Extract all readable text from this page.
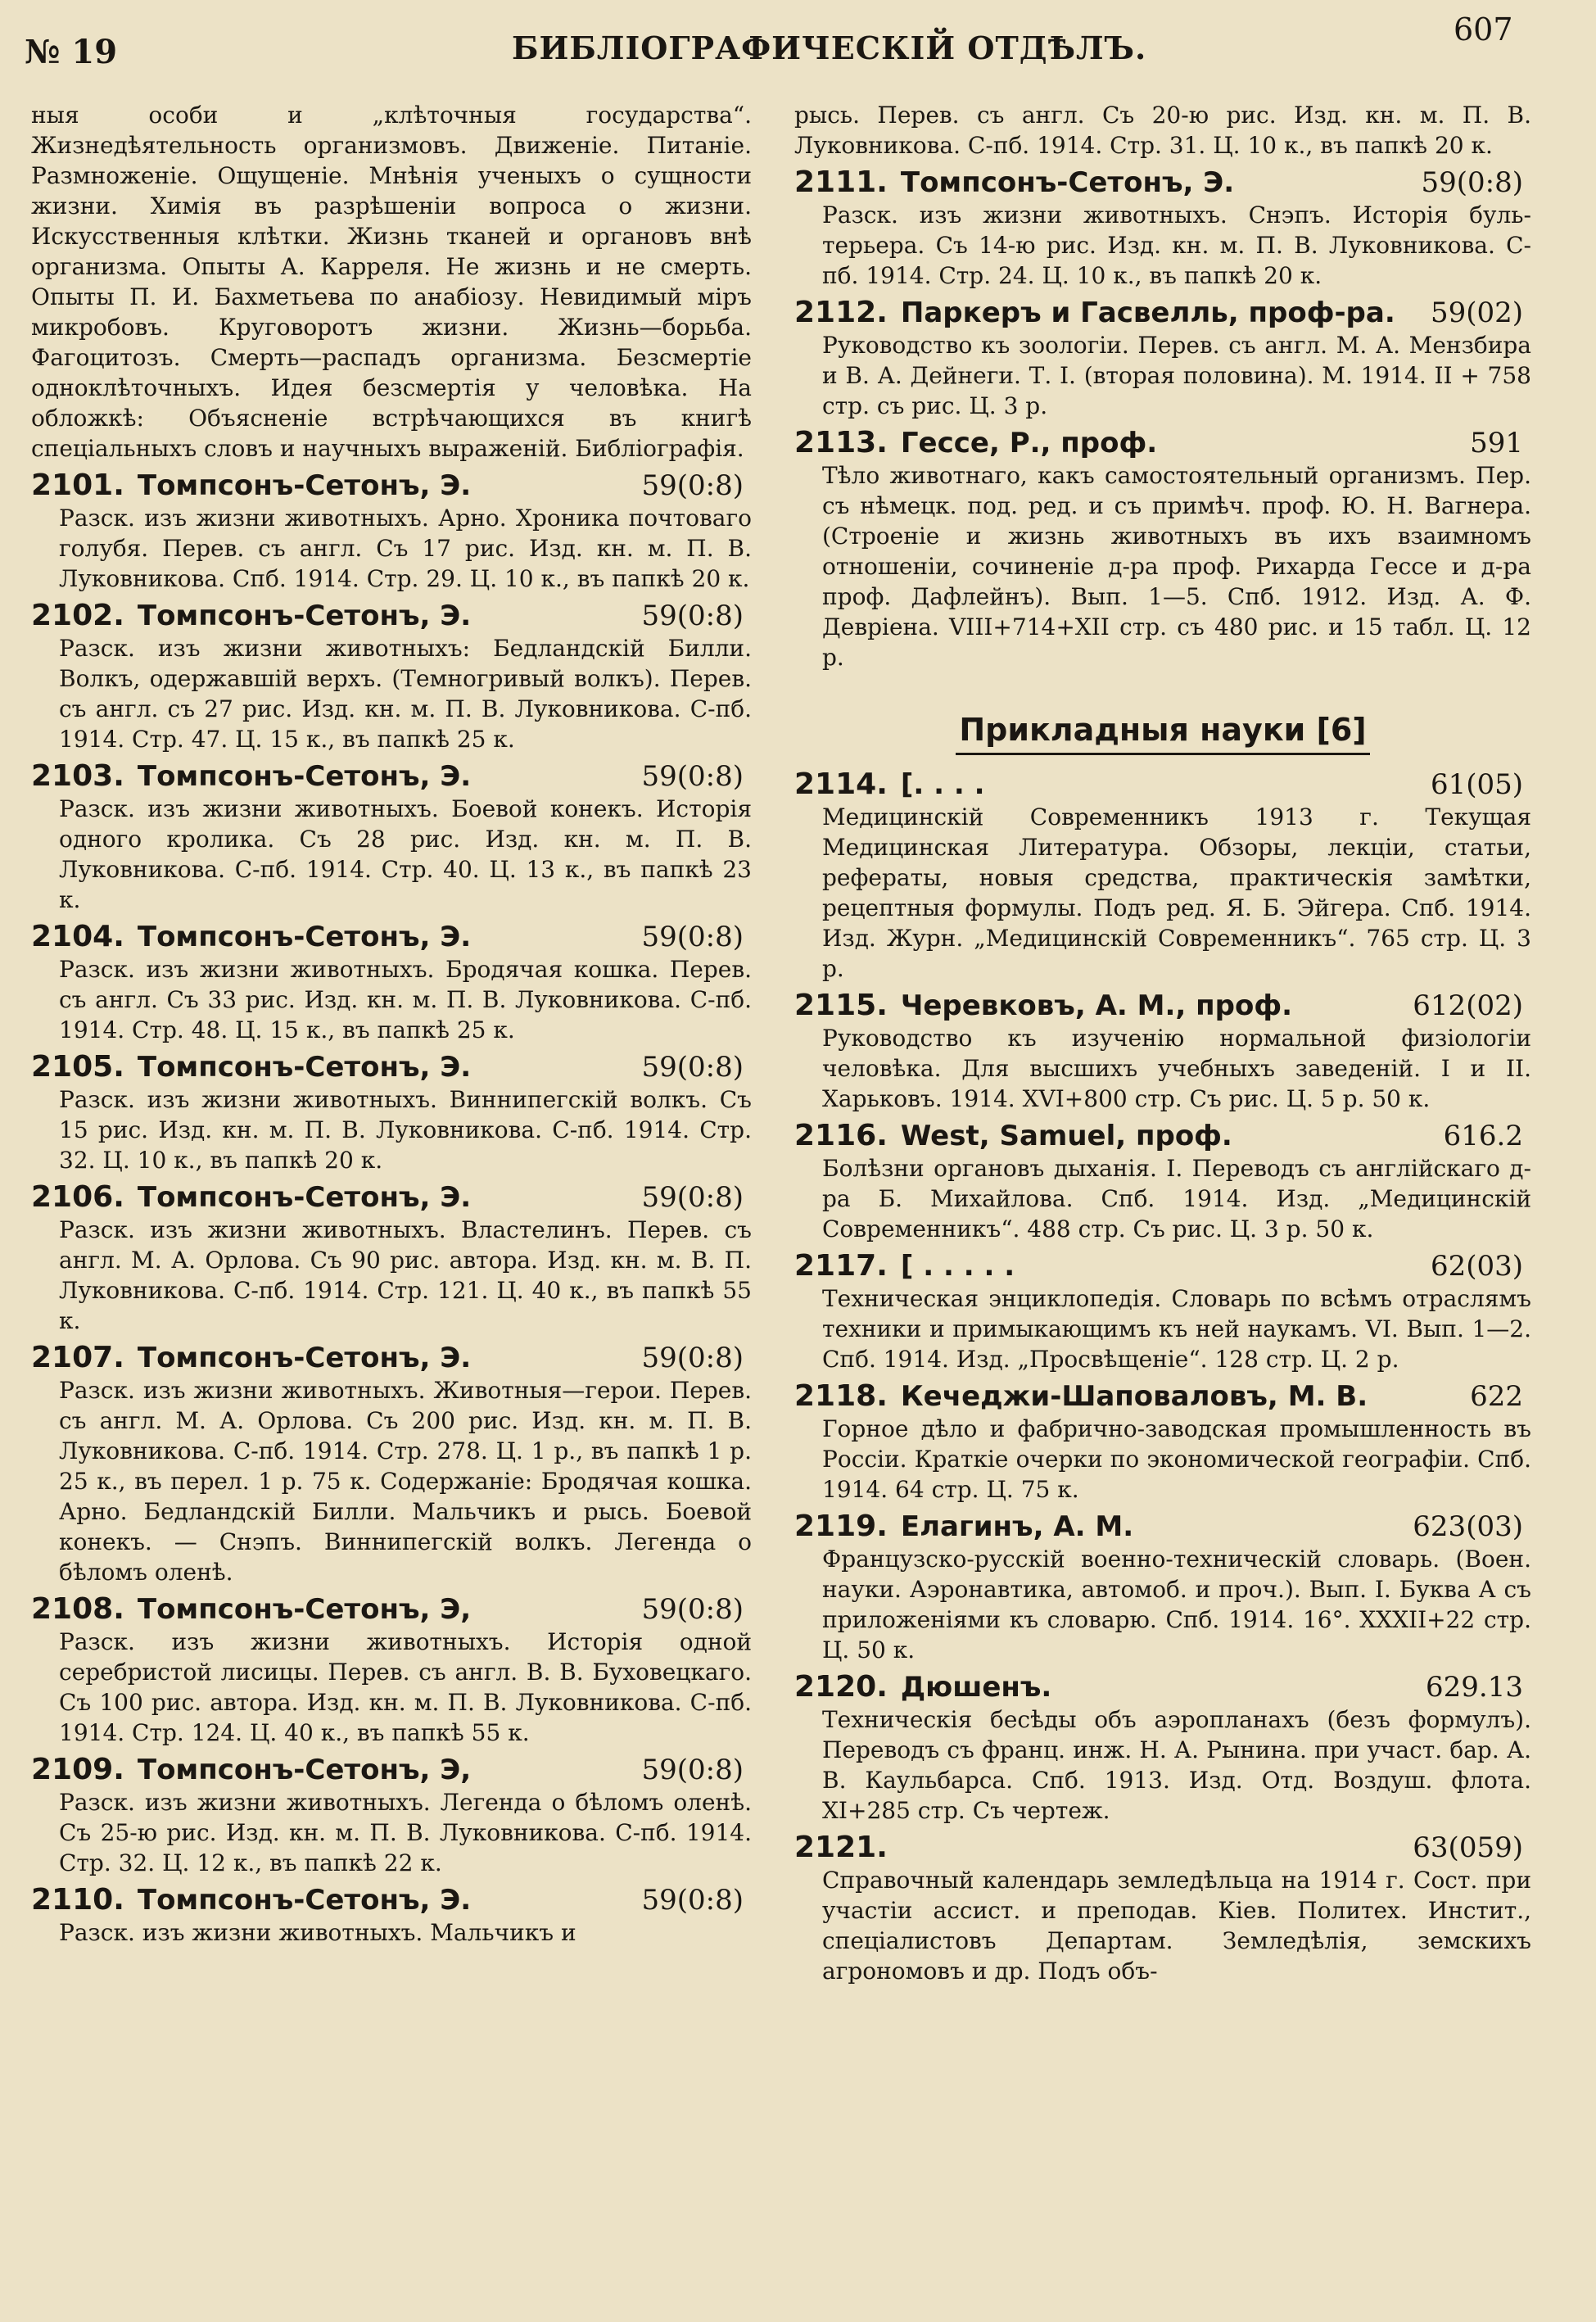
№ 19	БИБЛІОГРАФИЧЕСКІЙ ОТДѢЛЪ.	607

ныя особи и „клѣточныя государства“. Жизнедѣятельность организмовъ. Движеніе. Питаніе. Размноженіе. Ощущеніе. Мнѣнія ученыхъ о сущности жизни. Химія въ разрѣшеніи вопроса о жизни. Искусственныя клѣтки. Жизнь тканей и органовъ внѣ организма. Опыты А. Карреля. Не жизнь и не смерть. Опыты П. И. Бахметьева по анабіозу. Невидимый міръ микробовъ. Круговоротъ жизни. Жизнь—борьба. Фагоцитозъ. Смерть—распадъ организма. Безсмертіе одноклѣточныхъ. Идея безсмертія у человѣка. На обложкѣ: Объясненіе встрѣчающихся въ книгѣ спеціальныхъ словъ и научныхъ выраженій. Библіографія.

2101. Томпсонъ-Сетонъ, Э.	59(0:8)

Разск. изъ жизни животныхъ. Арно. Хроника почтоваго голубя. Перев. съ англ. Съ 17 рис. Изд. кн. м. П. В. Луковникова. Спб. 1914. Стр. 29. Ц. 10 к., въ папкѣ 20 к.

2102. Томпсонъ-Сетонъ, Э.	59(0:8)

Разск. изъ жизни животныхъ: Бедландскій Билли. Волкъ, одержавшій верхъ. (Темногривый волкъ). Перев. съ англ. съ 27 рис. Изд. кн. м. П. В. Луковникова. С-пб. 1914. Стр. 47. Ц. 15 к., въ папкѣ 25 к.

2103. Томпсонъ-Сетонъ, Э.	59(0:8)

Разск. изъ жизни животныхъ. Боевой конекъ. Исторія одного кролика. Съ 28 рис. Изд. кн. м. П. В. Луковникова. С-пб. 1914. Стр. 40. Ц. 13 к., въ папкѣ 23 к.

2104. Томпсонъ-Сетонъ, Э.	59(0:8)

Разск. изъ жизни животныхъ. Бродячая кошка. Перев. съ англ. Съ 33 рис. Изд. кн. м. П. В. Луковникова. С-пб. 1914. Стр. 48. Ц. 15 к., въ папкѣ 25 к.

2105. Томпсонъ-Сетонъ, Э.	59(0:8)

Разск. изъ жизни животныхъ. Виннипегскій волкъ. Съ 15 рис. Изд. кн. м. П. В. Луковникова. С-пб. 1914. Стр. 32. Ц. 10 к., въ папкѣ 20 к.

2106. Томпсонъ-Сетонъ, Э.	59(0:8)

Разск. изъ жизни животныхъ. Властелинъ. Перев. съ англ. М. А. Орлова. Съ 90 рис. автора. Изд. кн. м. В. П. Луковникова. С-пб. 1914. Стр. 121. Ц. 40 к., въ папкѣ 55 к.

2107. Томпсонъ-Сетонъ, Э.	59(0:8)

Разск. изъ жизни животныхъ. Животныя—герои. Перев. съ англ. М. А. Орлова. Съ 200 рис. Изд. кн. м. П. В. Луковникова. С-пб. 1914. Стр. 278. Ц. 1 р., въ папкѣ 1 р. 25 к., въ перел. 1 р. 75 к. Содержаніе: Бродячая кошка. Арно. Бедландскій Билли. Мальчикъ и рысь. Боевой конекъ. — Снэпъ. Виннипегскій волкъ. Легенда о бѣломъ оленѣ.

2108. Томпсонъ-Сетонъ, Э,	59(0:8)

Разск. изъ жизни животныхъ. Исторія одной серебристой лисицы. Перев. съ англ. В. В. Буховецкаго. Съ 100 рис. автора. Изд. кн. м. П. В. Луковникова. С-пб. 1914. Стр. 124. Ц. 40 к., въ папкѣ 55 к.

2109. Томпсонъ-Сетонъ, Э,	59(0:8)

Разск. изъ жизни животныхъ. Легенда о бѣломъ оленѣ. Съ 25-ю рис. Изд. кн. м. П. В. Луковникова. С-пб. 1914. Стр. 32. Ц. 12 к., въ папкѣ 22 к.

2110. Томпсонъ-Сетонъ, Э.	59(0:8)

Разск. изъ жизни животныхъ. Мальчикъ и

рысь. Перев. съ англ. Съ 20-ю рис. Изд. кн. м. П. В. Луковникова. С-пб. 1914. Стр. 31. Ц. 10 к., въ папкѣ 20 к.

2111. Томпсонъ-Сетонъ, Э.	59(0:8)

Разск. изъ жизни животныхъ. Снэпъ. Исторія буль-терьера. Съ 14-ю рис. Изд. кн. м. П. В. Луковникова. С-пб. 1914. Стр. 24. Ц. 10 к., въ папкѣ 20 к.

2112. Паркеръ и Гасвелль, проф-ра. 59(02)

Руководство къ зоологіи. Перев. съ англ. М. А. Мензбира и В. А. Дейнеги. Т. I. (вторая половина). М. 1914. II + 758 стр. съ рис. Ц. 3 р.

2113. Гессе, Р., проф.	591

Тѣло животнаго, какъ самостоятельный организмъ. Пер. съ нѣмецк. под. ред. и съ примѣч. проф. Ю. Н. Вагнера. (Строеніе и жизнь животныхъ въ ихъ взаимномъ отношеніи, сочиненіе д-ра проф. Рихарда Гессе и д-ра проф. Дафлейнъ). Вып. 1—5. Спб. 1912. Изд. А. Ф. Девріена. VIII+714+XII стр. съ 480 рис. и 15 табл. Ц. 12 р.

Прикладныя науки [6]
2114. [. . . .	61(05)

Медицинскій Современникъ 1913 г. Текущая Медицинская Литература. Обзоры, лекціи, статьи, рефераты, новыя средства, практическія замѣтки, рецептныя формулы. Подъ ред. Я. Б. Эйгера. Спб. 1914. Изд. Журн. „Медицинскій Современникъ“. 765 стр. Ц. 3 р.

2115. Черевковъ, А. М., проф.	612(02)

Руководство къ изученію нормальной физіологіи человѣка. Для высшихъ учебныхъ заведеній. I и II. Харьковъ. 1914. XVI+800 стр. Съ рис. Ц. 5 р. 50 к.

2116. West, Samuel, проф.	616.2

Болѣзни органовъ дыханія. I. Переводъ съ англійскаго д-ра Б. Михайлова. Спб. 1914. Изд. „Медицинскій Современникъ“. 488 стр. Съ рис. Ц. 3 р. 50 к.

2117. [ . . . . .	62(03)

Техническая энциклопедія. Словарь по всѣмъ отраслямъ техники и примыкающимъ къ ней наукамъ. VI. Вып. 1—2. Спб. 1914. Изд. „Просвѣщеніе“. 128 стр. Ц. 2 р.

2118. Кечеджи-Шаповаловъ, М. В.	622

Горное дѣло и фабрично-заводская промышленность въ Россіи. Краткіе очерки по экономической географіи. Спб. 1914. 64 стр. Ц. 75 к.

2119. Елагинъ, А. М.	623(03)

Французско-русскій военно-техническій словарь. (Воен. науки. Аэронавтика, автомоб. и проч.). Вып. I. Буква А съ приложеніями къ словарю. Спб. 1914. 16°. XXXII+22 стр. Ц. 50 к.

2120. Дюшенъ.	629.13

Техническія бесѣды объ аэропланахъ (безъ формулъ). Переводъ съ франц. инж. Н. А. Рынина. при участ. бар. А. В. Каульбарса. Спб. 1913. Изд. Отд. Воздуш. флота. XI+285 стр. Съ чертеж.

2121.	63(059)

Справочный календарь земледѣльца на 1914 г. Сост. при участіи ассист. и преподав. Кіев. Политех. Инстит., спеціалистовъ Департам. Земледѣлія, земскихъ агрономовъ и др. Подъ объ-
